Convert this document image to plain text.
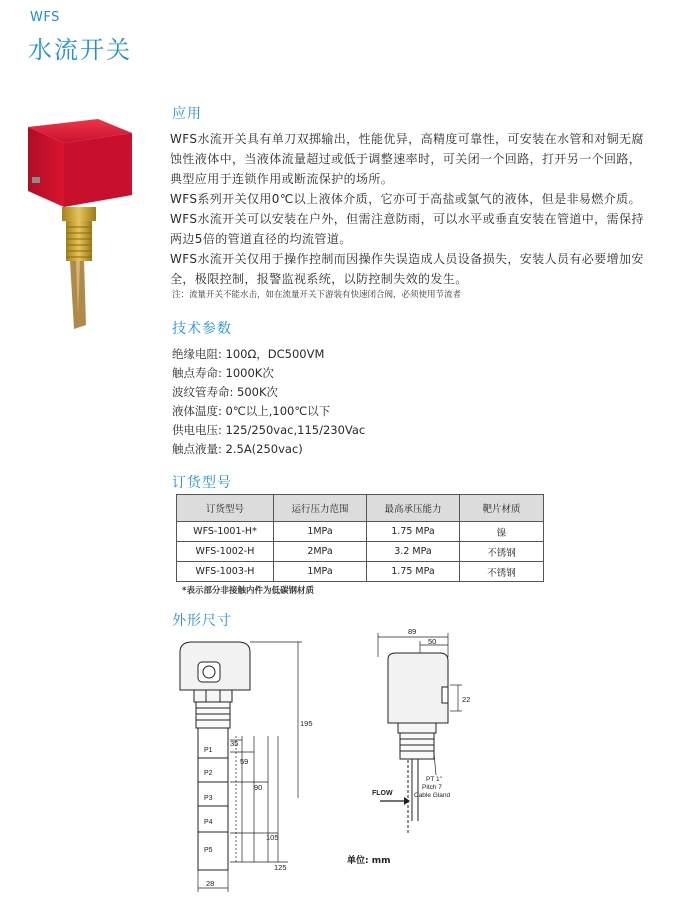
WFS
水流开关
应用
WFS水流开关具有单刀双掷输出，性能优异，高精度可靠性，可安装在水管和对铜无腐
蚀性液体中，当液体流量超过或低于调整速率时，可关闭一个回路，打开另一个回路，
典型应用于连锁作用或断流保护的场所。
WFS系列开关仅用0℃以上液体介质，它亦可于高盐或氯气的液体，但是非易燃介质。
WFS水流开关可以安装在户外，但需注意防雨，可以水平或垂直安装在管道中，需保持
两边5倍的管道直径的均流管道。
WFS水流开关仅用于操作控制而因操作失误造成人员设备损失，安装人员有必要增加安
全，极限控制，报警监视系统，以防控制失效的发生。
注：流量开关不能水击，如在流量开关下游装有快速闭合阀，必须使用节流者
技术参数
绝缘电阻: 100Ω，DC500VM
触点寿命: 1000K次
波纹管寿命: 500K次
液体温度: 0℃以上,100℃以下
供电电压: 125/250vac,115/230Vac
触点液量: 2.5A(250vac)
订货型号
订货型号	运行压力范围	最高承压能力	靶片材质
WFS-1001-H*	1MPa	1.75 MPa	镍
WFS-1002-H	2MPa	3.2 MPa	不锈钢
WFS-1003-H	1MPa	1.75 MPa	不锈钢
*表示部分非接触内件为低碳钢材质
外形尺寸
P1
P2
P3
P4
P5
195
35
59
90
105
125
28
89
50
22
PT 1"
Pitch 7
Cable Gland
FLOW
单位: mm
